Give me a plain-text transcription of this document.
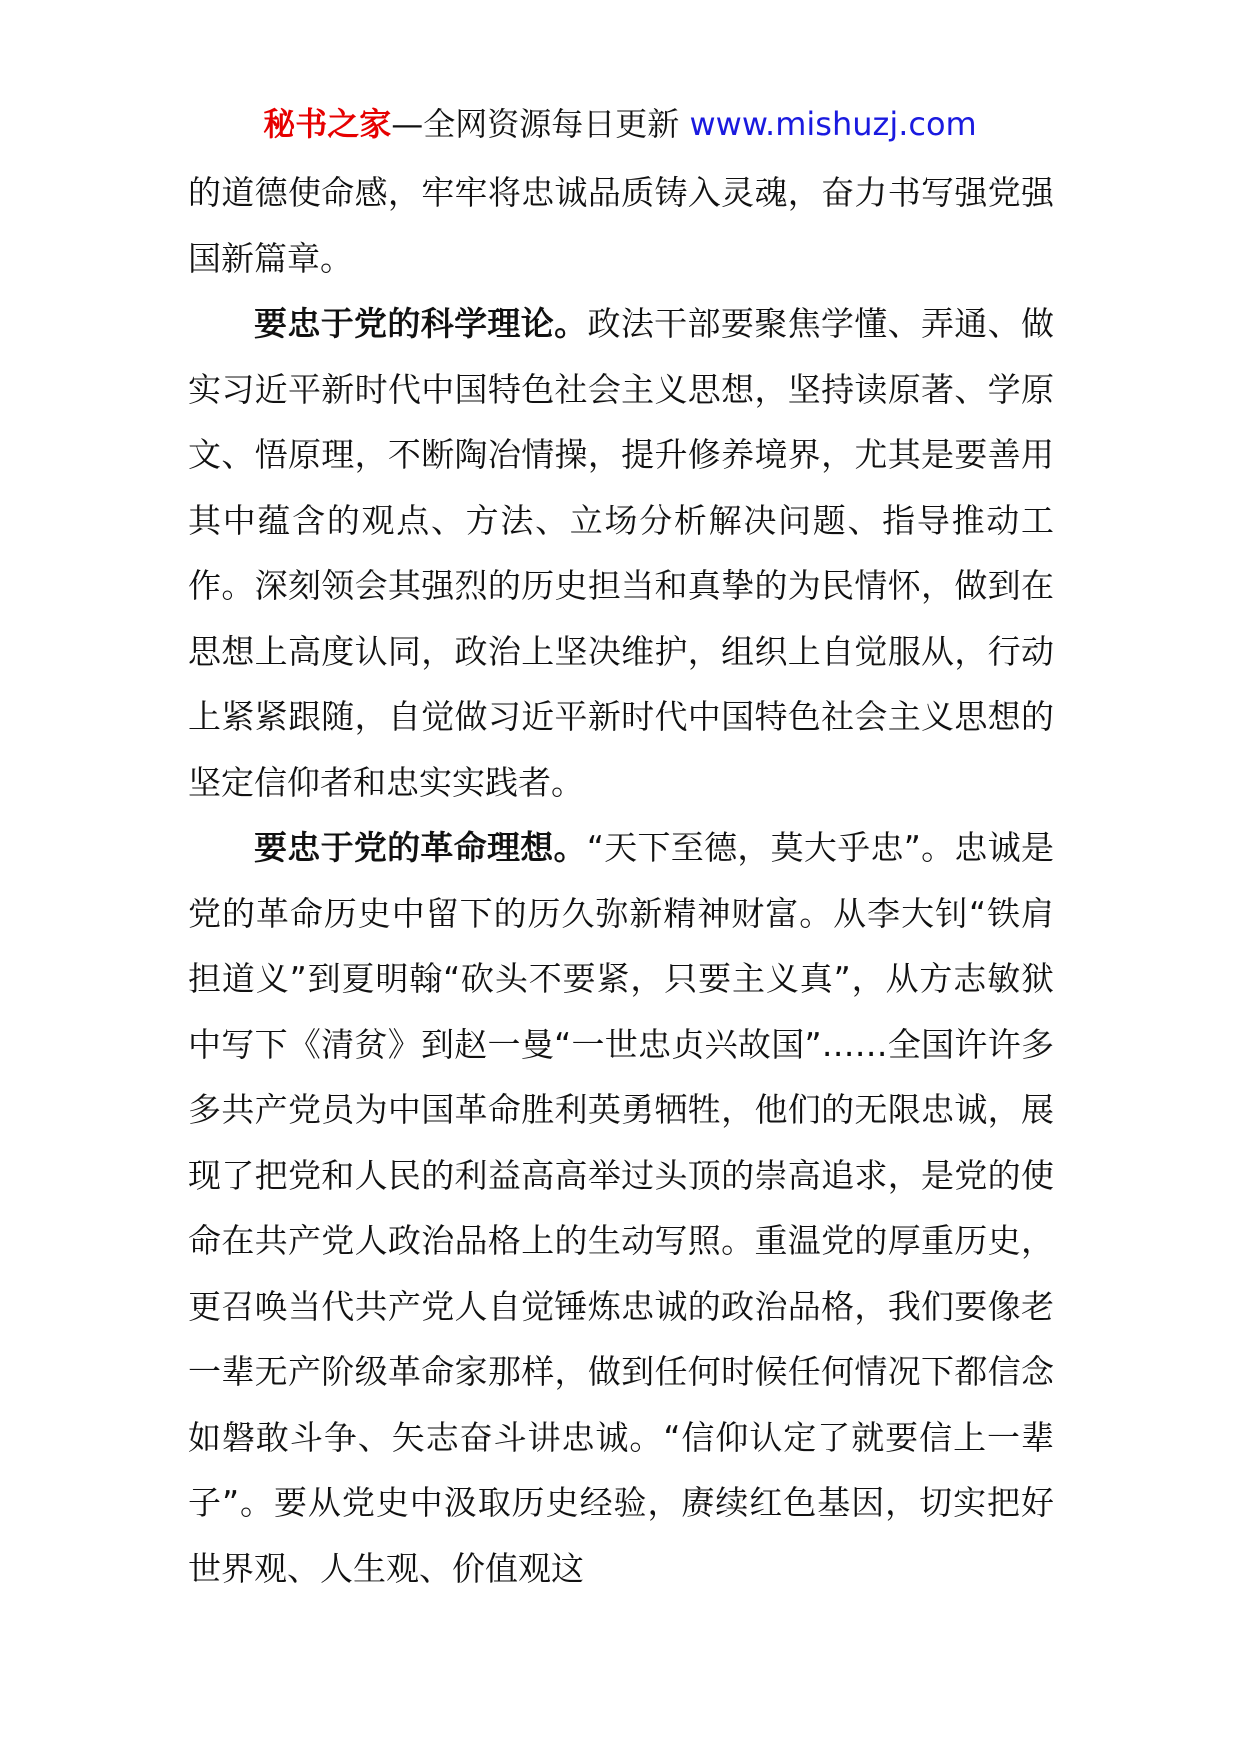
秘书之家—全网资源每日更新 www.mishuzj.com

的道德使命感，牢牢将忠诚品质铸入灵魂，奋力书写强党强国新篇章。

要忠于党的科学理论。政法干部要聚焦学懂、弄通、做实习近平新时代中国特色社会主义思想，坚持读原著、学原文、悟原理，不断陶冶情操，提升修养境界，尤其是要善用其中蕴含的观点、方法、立场分析解决问题、指导推动工作。深刻领会其强烈的历史担当和真挚的为民情怀，做到在思想上高度认同，政治上坚决维护，组织上自觉服从，行动上紧紧跟随，自觉做习近平新时代中国特色社会主义思想的坚定信仰者和忠实实践者。

要忠于党的革命理想。“天下至德，莫大乎忠”。忠诚是党的革命历史中留下的历久弥新精神财富。从李大钊“铁肩担道义”到夏明翰“砍头不要紧，只要主义真”，从方志敏狱中写下《清贫》到赵一曼“一世忠贞兴故国”……全国许许多多共产党员为中国革命胜利英勇牺牲，他们的无限忠诚，展现了把党和人民的利益高高举过头顶的崇高追求，是党的使命在共产党人政治品格上的生动写照。重温党的厚重历史，更召唤当代共产党人自觉锤炼忠诚的政治品格，我们要像老一辈无产阶级革命家那样，做到任何时候任何情况下都信念如磐敢斗争、矢志奋斗讲忠诚。“信仰认定了就要信上一辈子”。要从党史中汲取历史经验，赓续红色基因，切实把好世界观、人生观、价值观这
